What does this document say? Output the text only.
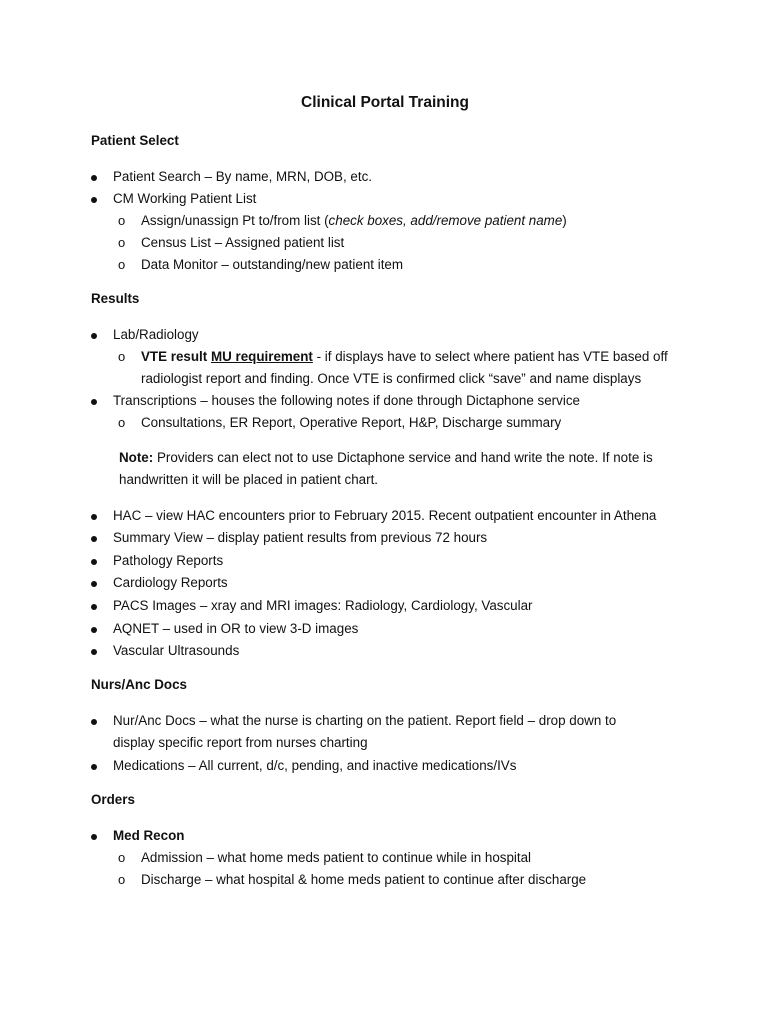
Clinical Portal Training
Patient Select
Patient Search – By name, MRN, DOB, etc.
CM Working Patient List
o Assign/unassign Pt to/from list (check boxes, add/remove patient name)
o Census List – Assigned patient list
o Data Monitor – outstanding/new patient item
Results
Lab/Radiology
o VTE result MU requirement - if displays have to select where patient has VTE based off
radiologist report and finding. Once VTE is confirmed click “save” and name displays
Transcriptions – houses the following notes if done through Dictaphone service
o Consultations, ER Report, Operative Report, H&P, Discharge summary
Note: Providers can elect not to use Dictaphone service and hand write the note. If note is
handwritten it will be placed in patient chart.
HAC – view HAC encounters prior to February 2015. Recent outpatient encounter in Athena
Summary View – display patient results from previous 72 hours
Pathology Reports
Cardiology Reports
PACS Images – xray and MRI images: Radiology, Cardiology, Vascular
AQNET – used in OR to view 3-D images
Vascular Ultrasounds
Nurs/Anc Docs
Nur/Anc Docs – what the nurse is charting on the patient. Report field – drop down to
display specific report from nurses charting
Medications – All current, d/c, pending, and inactive medications/IVs
Orders
Med Recon
o Admission – what home meds patient to continue while in hospital
o Discharge – what hospital & home meds patient to continue after discharge
